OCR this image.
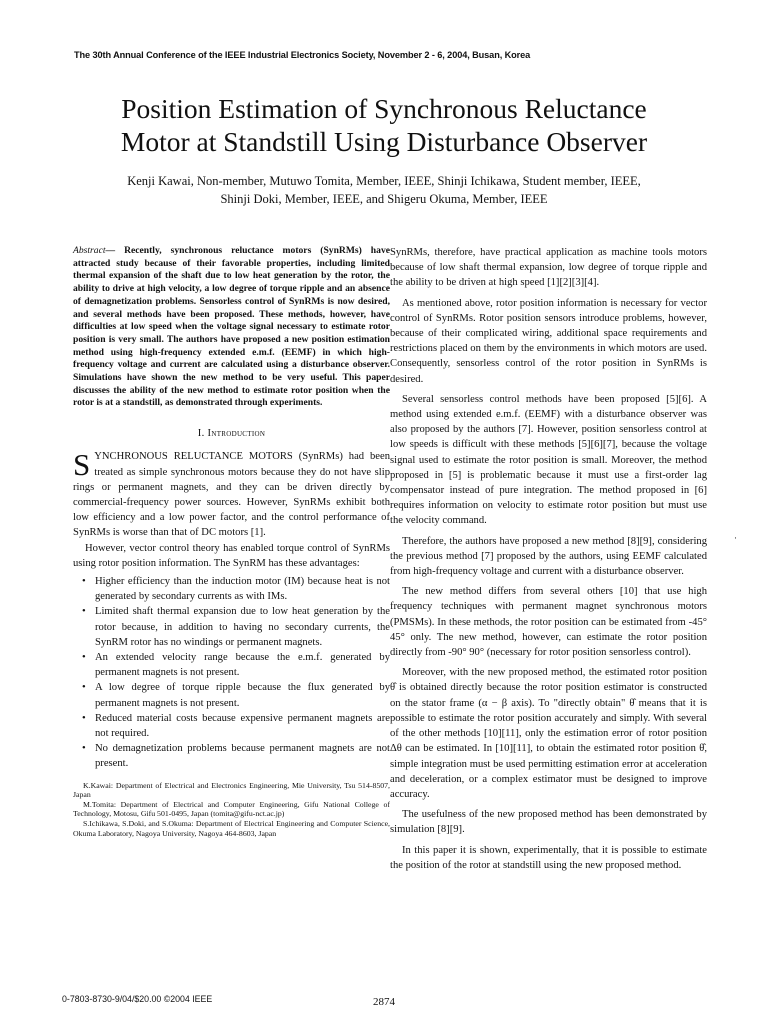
The 30th Annual Conference of the IEEE Industrial Electronics Society, November 2 - 6, 2004, Busan, Korea
Position Estimation of Synchronous Reluctance
Motor at Standstill Using Disturbance Observer
Kenji Kawai, Non-member, Mutuwo Tomita, Member, IEEE, Shinji Ichikawa, Student member, IEEE,
Shinji Doki, Member, IEEE, and Shigeru Okuma, Member, IEEE

Abstract— Recently, synchronous reluctance motors (SynRMs) have attracted study because of their favorable properties, including limited thermal expansion of the shaft due to low heat generation by the rotor, the ability to drive at high velocity, a low degree of torque ripple and an absence of demagnetization problems. Sensorless control of SynRMs is now desired, and several methods have been proposed. These methods, however, have difficulties at low speed when the voltage signal necessary to estimate rotor position is very small. The authors have proposed a new position estimation method using high-frequency extended e.m.f. (EEMF) in which high-frequency voltage and current are calculated using a disturbance observer. Simulations have shown the new method to be very useful. This paper discusses the ability of the new method to estimate rotor position when the rotor is at a standstill, as demonstrated through experiments.

I. Introduction

SYNCHRONOUS RELUCTANCE MOTORS (SynRMs) had been treated as simple synchronous motors because they do not have slip rings or permanent magnets, and they can be driven directly by commercial-frequency power sources. However, SynRMs exhibit both low efficiency and a low power factor, and the control performance of SynRMs is worse than that of DC motors [1].

However, vector control theory has enabled torque control of SynRMs using rotor position information. The SynRM has these advantages:

• Higher efficiency than the induction motor (IM) because heat is not generated by secondary currents as with IMs.
• Limited shaft thermal expansion due to low heat generation by the rotor because, in addition to having no secondary currents, the SynRM rotor has no windings or permanent magnets.
• An extended velocity range because the e.m.f. generated by permanent magnets is not present.
• A low degree of torque ripple because the flux generated by permanent magnets is not present.
• Reduced material costs because expensive permanent magnets are not required.
• No demagnetization problems because permanent magnets are not present.

K.Kawai: Department of Electrical and Electronics Engineering, Mie University, Tsu 514-8507, Japan

M.Tomita: Department of Electrical and Computer Engineering, Gifu National College of Technology, Motosu, Gifu 501-0495, Japan (tomita@gifu-nct.ac.jp)

S.Ichikawa, S.Doki, and S.Okuma: Department of Electrical Engineering and Computer Science, Okuma Laboratory, Nagoya University, Nagoya 464-8603, Japan

SynRMs, therefore, have practical application as machine tools motors because of low shaft thermal expansion, low degree of torque ripple and the ability to be driven at high speed [1][2][3][4].

As mentioned above, rotor position information is necessary for vector control of SynRMs. Rotor position sensors introduce problems, however, because of their complicated wiring, additional space requirements and restrictions placed on them by the environments in which motors are used. Consequently, sensorless control of the rotor position in SynRMs is desired.

Several sensorless control methods have been proposed [5][6]. A method using extended e.m.f. (EEMF) with a disturbance observer was also proposed by the authors [7]. However, position sensorless control at low speeds is difficult with these methods [5][6][7], because the voltage signal used to estimate the rotor position is small. Moreover, the method proposed in [5] is problematic because it must use a first-order lag compensator instead of pure integration. The method proposed in [6] requires information on velocity to estimate rotor position but must use the velocity command.

Therefore, the authors have proposed a new method [8][9], considering the previous method [7] proposed by the authors, using EEMF calculated from high-frequency voltage and current with a disturbance observer.

The new method differs from several others [10] that use high frequency techniques with permanent magnet synchronous motors (PMSMs). In these methods, the rotor position can be estimated from -45° 45° only. The new method, however, can estimate the rotor position directly from -90° 90° (necessary for rotor position sensorless control).

Moreover, with the new proposed method, the estimated rotor position θ̂ is obtained directly because the rotor position estimator is constructed on the stator frame (α − β axis). To "directly obtain" θ̂ means that it is possible to estimate the rotor position accurately and simply. With several of the other methods [10][11], only the estimation error of rotor position Δθ can be estimated. In [10][11], to obtain the estimated rotor position θ̂, simple integration must be used permitting estimation error at acceleration and deceleration, or a complex estimator must be designed to improve accuracy.

The usefulness of the new proposed method has been demonstrated by simulation [8][9].

In this paper it is shown, experimentally, that it is possible to estimate the position of the rotor at standstill using the new proposed method.

·
0-7803-8730-9/04/$20.00 ©2004 IEEE	2874
